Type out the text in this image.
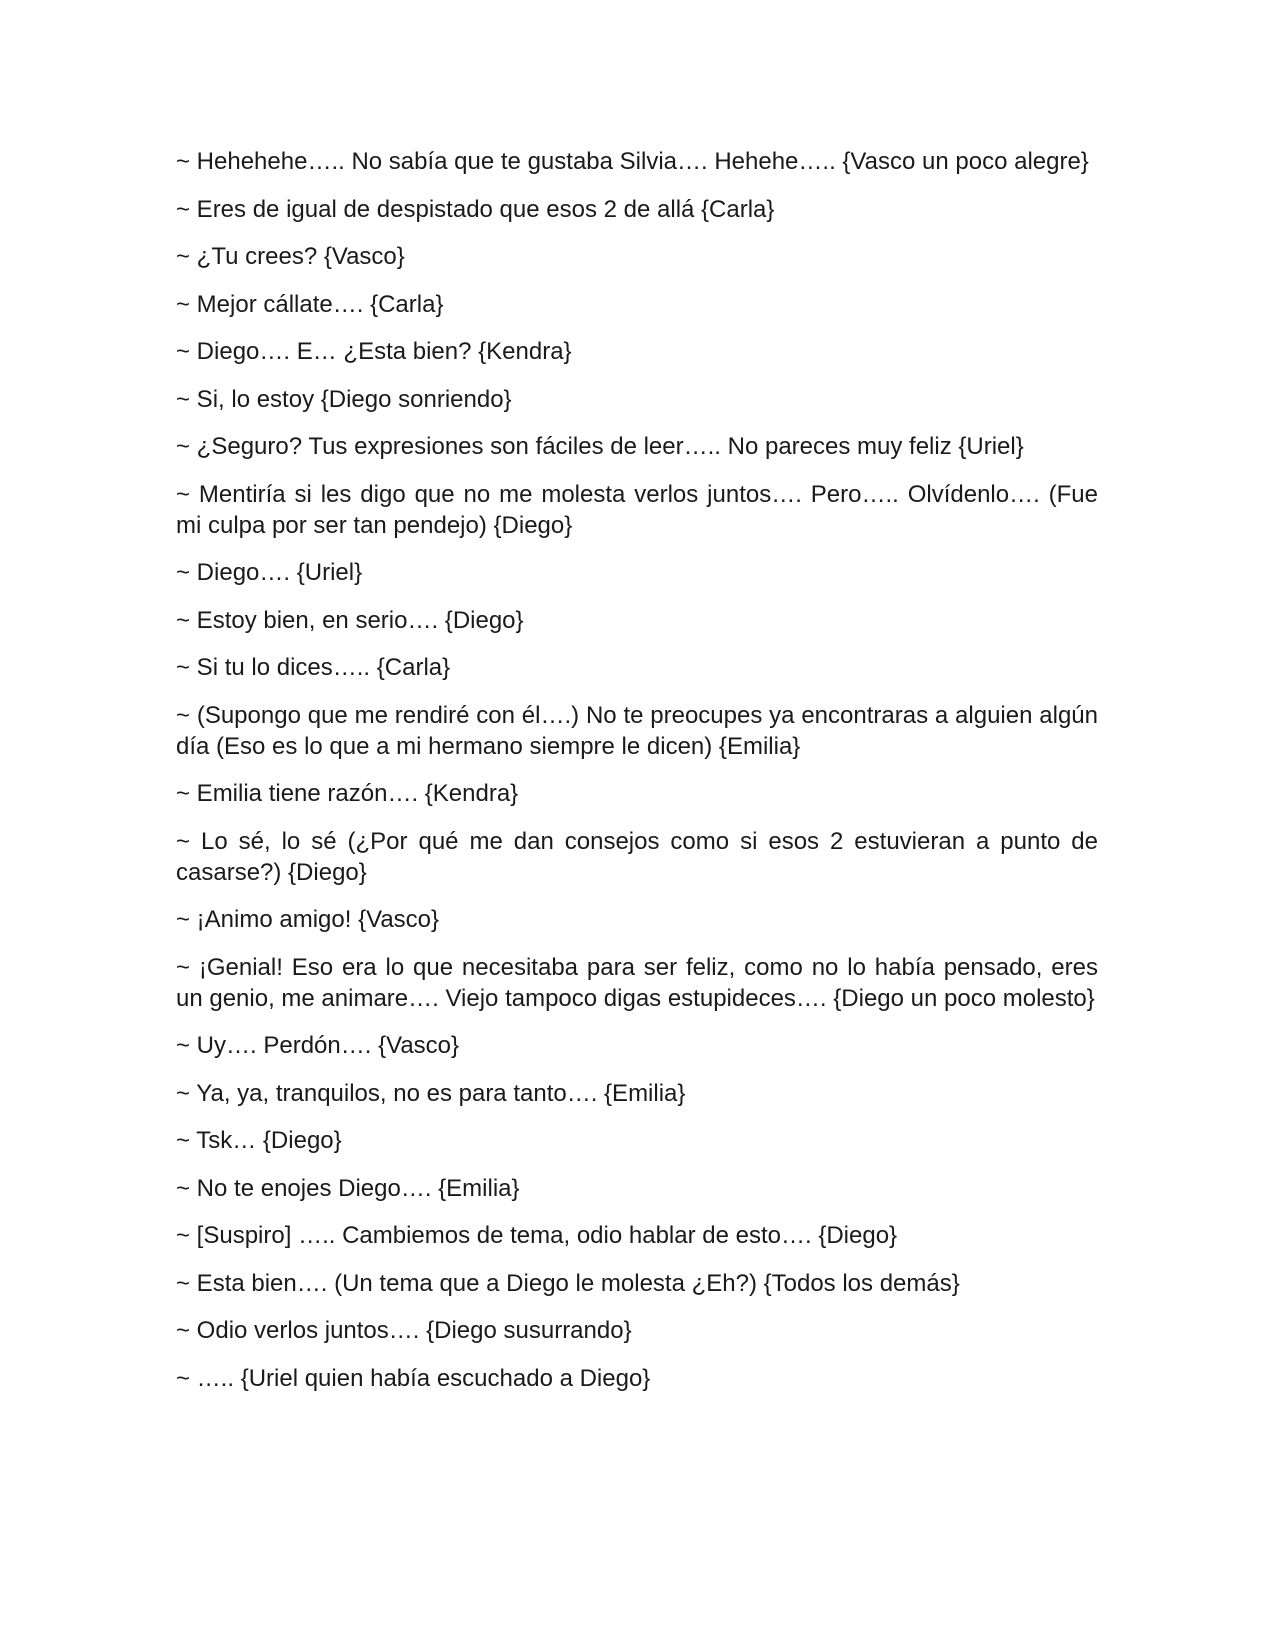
~ Hehehehe….. No sabía que te gustaba Silvia…. Hehehe….. {Vasco un poco alegre}

~ Eres de igual de despistado que esos 2 de allá {Carla}

~ ¿Tu crees? {Vasco}

~ Mejor cállate…. {Carla}

~ Diego…. E… ¿Esta bien? {Kendra}

~ Si, lo estoy {Diego sonriendo}

~ ¿Seguro? Tus expresiones son fáciles de leer….. No pareces muy feliz {Uriel}

~ Mentiría si les digo que no me molesta verlos juntos…. Pero….. Olvídenlo…. (Fue mi culpa por ser tan pendejo) {Diego}

~ Diego…. {Uriel}

~ Estoy bien, en serio…. {Diego}

~ Si tu lo dices….. {Carla}

~ (Supongo que me rendiré con él….) No te preocupes ya encontraras a alguien algún día (Eso es lo que a mi hermano siempre le dicen) {Emilia}

~ Emilia tiene razón…. {Kendra}

~ Lo sé, lo sé (¿Por qué me dan consejos como si esos 2 estuvieran a punto de casarse?) {Diego}

~ ¡Animo amigo! {Vasco}

~ ¡Genial! Eso era lo que necesitaba para ser feliz, como no lo había pensado, eres un genio, me animare…. Viejo tampoco digas estupideces…. {Diego un poco molesto}

~ Uy…. Perdón…. {Vasco}

~ Ya, ya, tranquilos, no es para tanto…. {Emilia}

~ Tsk… {Diego}

~ No te enojes Diego…. {Emilia}

~ [Suspiro] ….. Cambiemos de tema, odio hablar de esto…. {Diego}

~ Esta bien…. (Un tema que a Diego le molesta ¿Eh?) {Todos los demás}

~ Odio verlos juntos…. {Diego susurrando}

~ ….. {Uriel quien había escuchado a Diego}
